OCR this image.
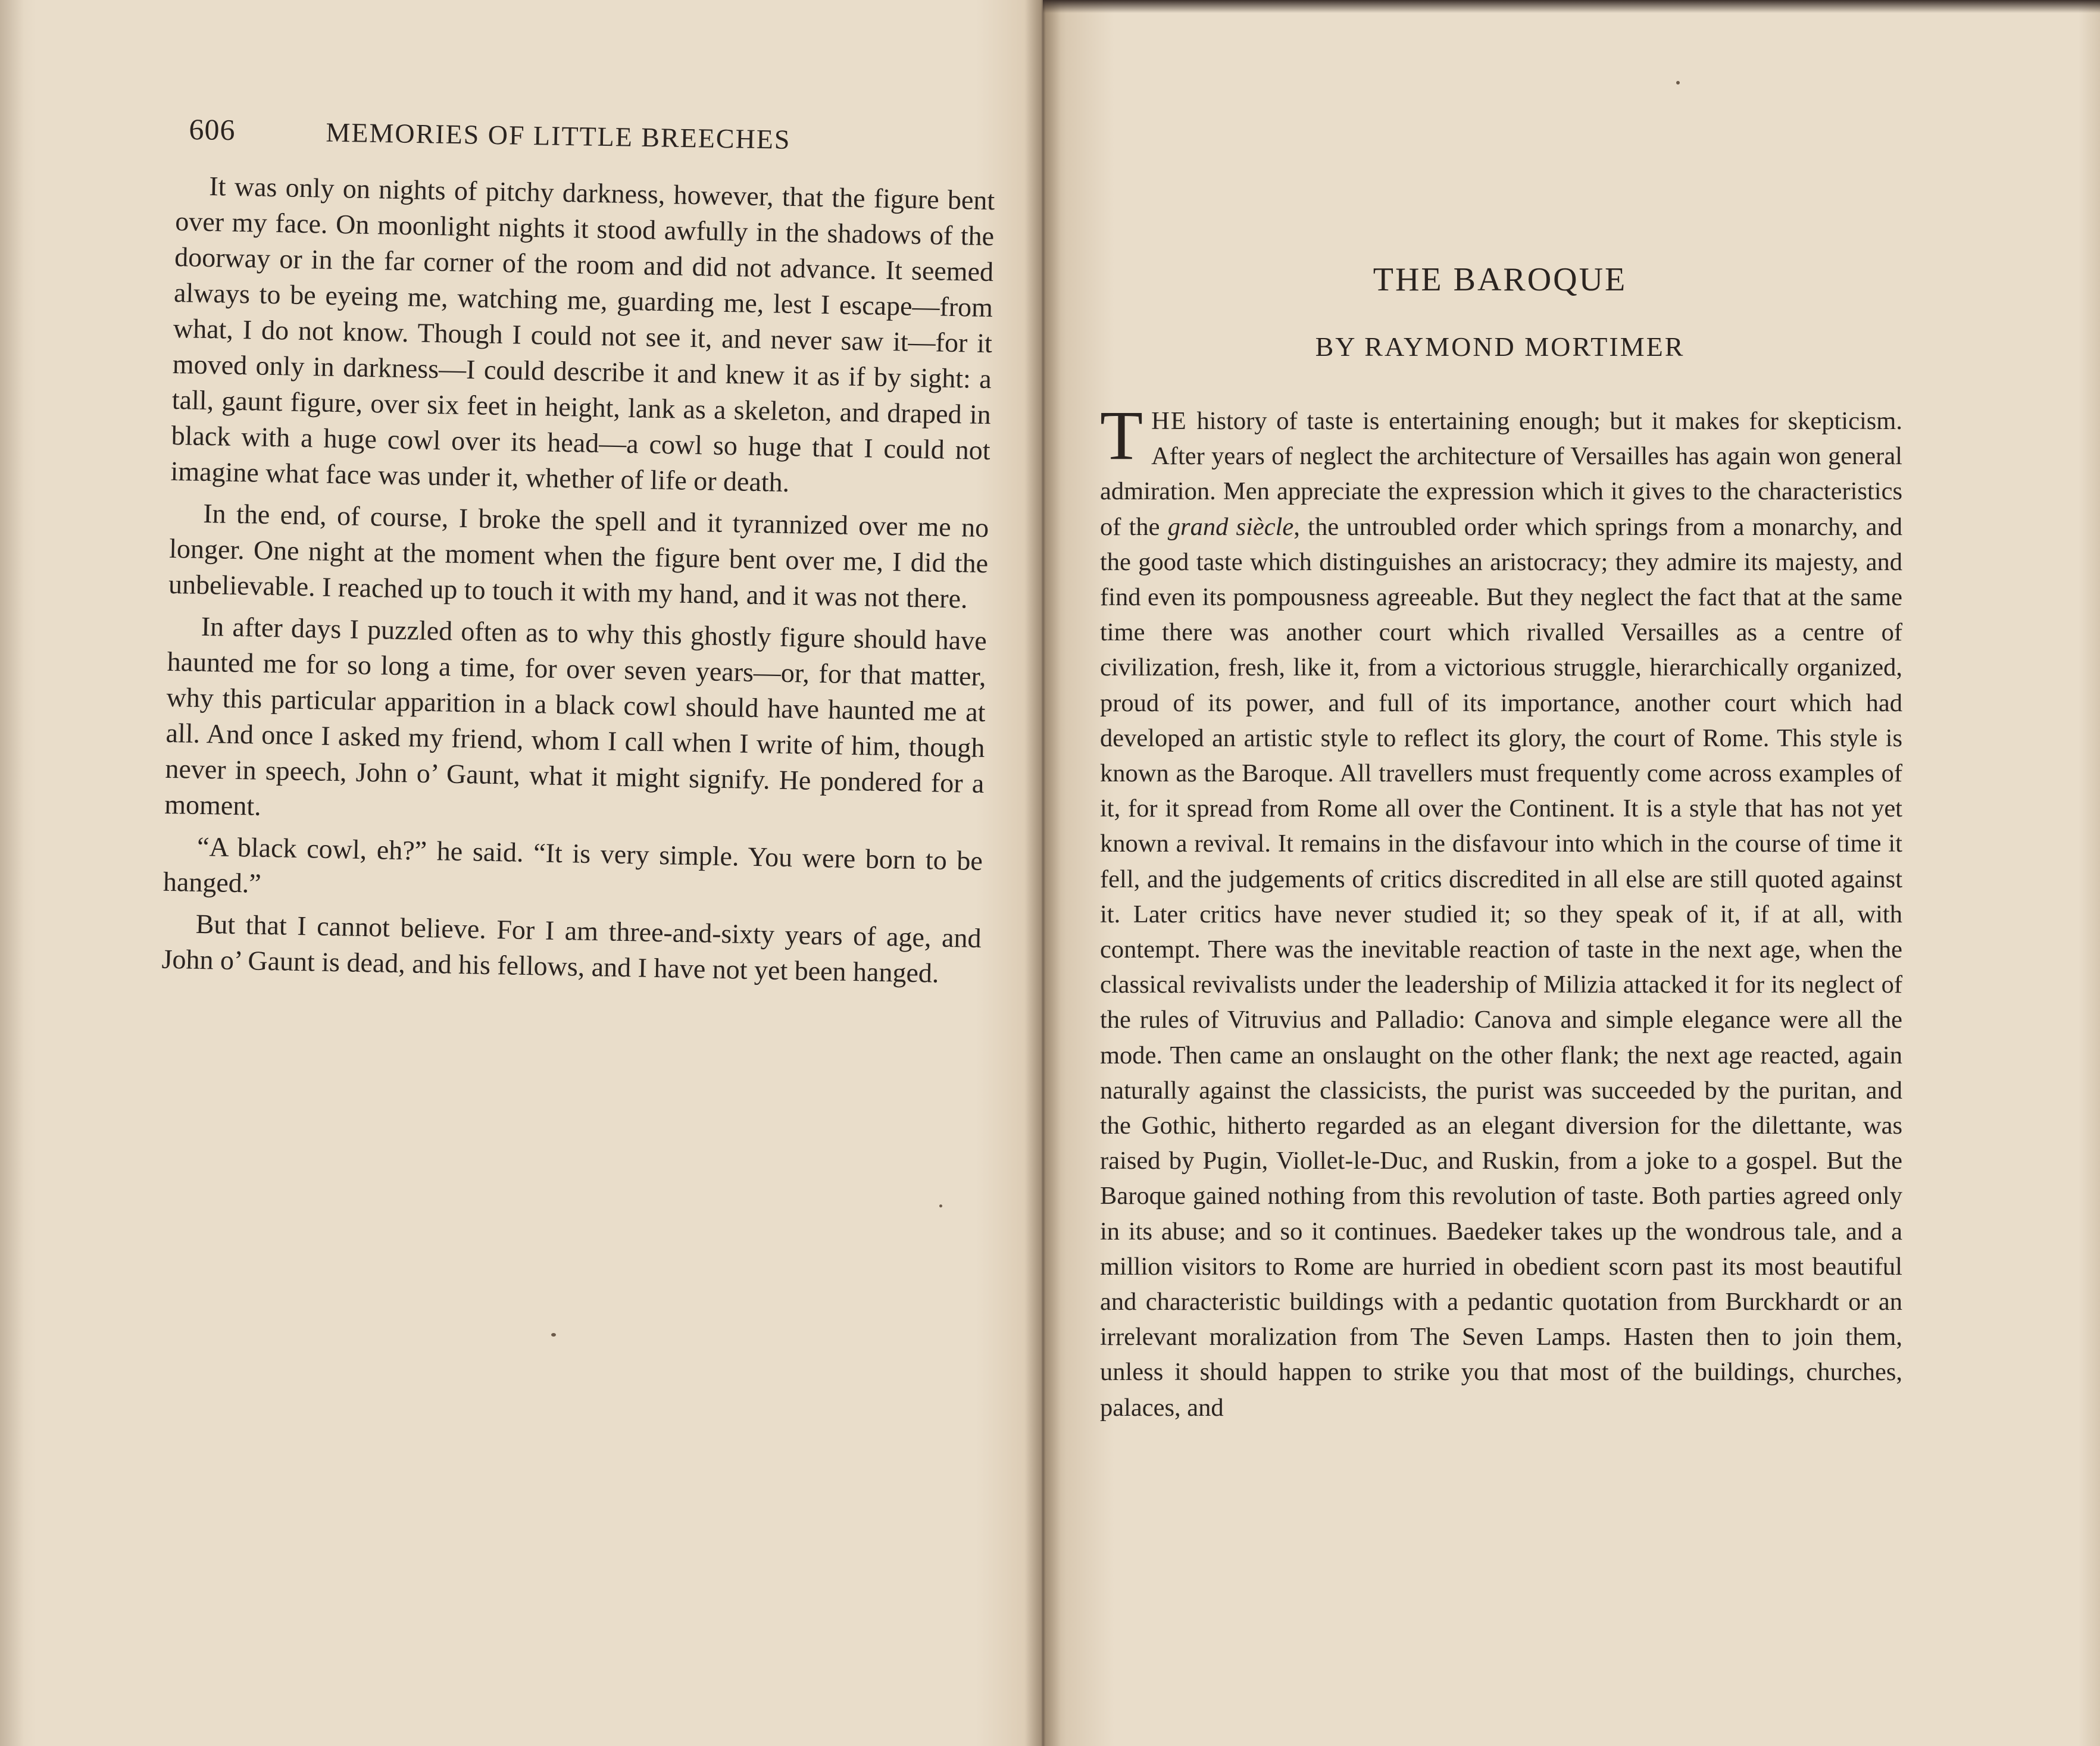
606	MEMORIES OF LITTLE BREECHES

It was only on nights of pitchy darkness, however, that the figure bent over my face. On moonlight nights it stood awfully in the shadows of the doorway or in the far corner of the room and did not advance. It seemed always to be eyeing me, watching me, guarding me, lest I escape—from what, I do not know. Though I could not see it, and never saw it—for it moved only in darkness—I could describe it and knew it as if by sight: a tall, gaunt figure, over six feet in height, lank as a skeleton, and draped in black with a huge cowl over its head—a cowl so huge that I could not imagine what face was under it, whether of life or death.

In the end, of course, I broke the spell and it tyrannized over me no longer. One night at the moment when the figure bent over me, I did the unbelievable. I reached up to touch it with my hand, and it was not there.

In after days I puzzled often as to why this ghostly figure should have haunted me for so long a time, for over seven years—or, for that matter, why this particular apparition in a black cowl should have haunted me at all. And once I asked my friend, whom I call when I write of him, though never in speech, John o’ Gaunt, what it might signify. He pondered for a moment.

“A black cowl, eh?” he said. “It is very simple. You were born to be hanged.”

But that I cannot believe. For I am three-and-sixty years of age, and John o’ Gaunt is dead, and his fellows, and I have not yet been hanged.

THE BAROQUE
BY RAYMOND MORTIMER

THE history of taste is entertaining enough; but it makes for skepticism. After years of neglect the architecture of Versailles has again won general admiration. Men appreciate the expression which it gives to the characteristics of the grand siècle, the untroubled order which springs from a monarchy, and the good taste which distinguishes an aristocracy; they admire its majesty, and find even its pompousness agreeable. But they neglect the fact that at the same time there was another court which rivalled Versailles as a centre of civilization, fresh, like it, from a victorious struggle, hierarchically organized, proud of its power, and full of its importance, another court which had developed an artistic style to reflect its glory, the court of Rome. This style is known as the Baroque. All travellers must frequently come across examples of it, for it spread from Rome all over the Continent. It is a style that has not yet known a revival. It remains in the disfavour into which in the course of time it fell, and the judgements of critics discredited in all else are still quoted against it. Later critics have never studied it; so they speak of it, if at all, with contempt. There was the inevitable reaction of taste in the next age, when the classical revivalists under the leadership of Milizia attacked it for its neglect of the rules of Vitruvius and Palladio: Canova and simple elegance were all the mode. Then came an onslaught on the other flank; the next age reacted, again naturally against the classicists, the purist was succeeded by the puritan, and the Gothic, hitherto regarded as an elegant diversion for the dilettante, was raised by Pugin, Viollet-le-Duc, and Ruskin, from a joke to a gospel. But the Baroque gained nothing from this revolution of taste. Both parties agreed only in its abuse; and so it continues. Baedeker takes up the wondrous tale, and a million visitors to Rome are hurried in obedient scorn past its most beautiful and characteristic buildings with a pedantic quotation from Burckhardt or an irrelevant moralization from The Seven Lamps. Hasten then to join them, unless it should happen to strike you that most of the buildings, churches, palaces, and
